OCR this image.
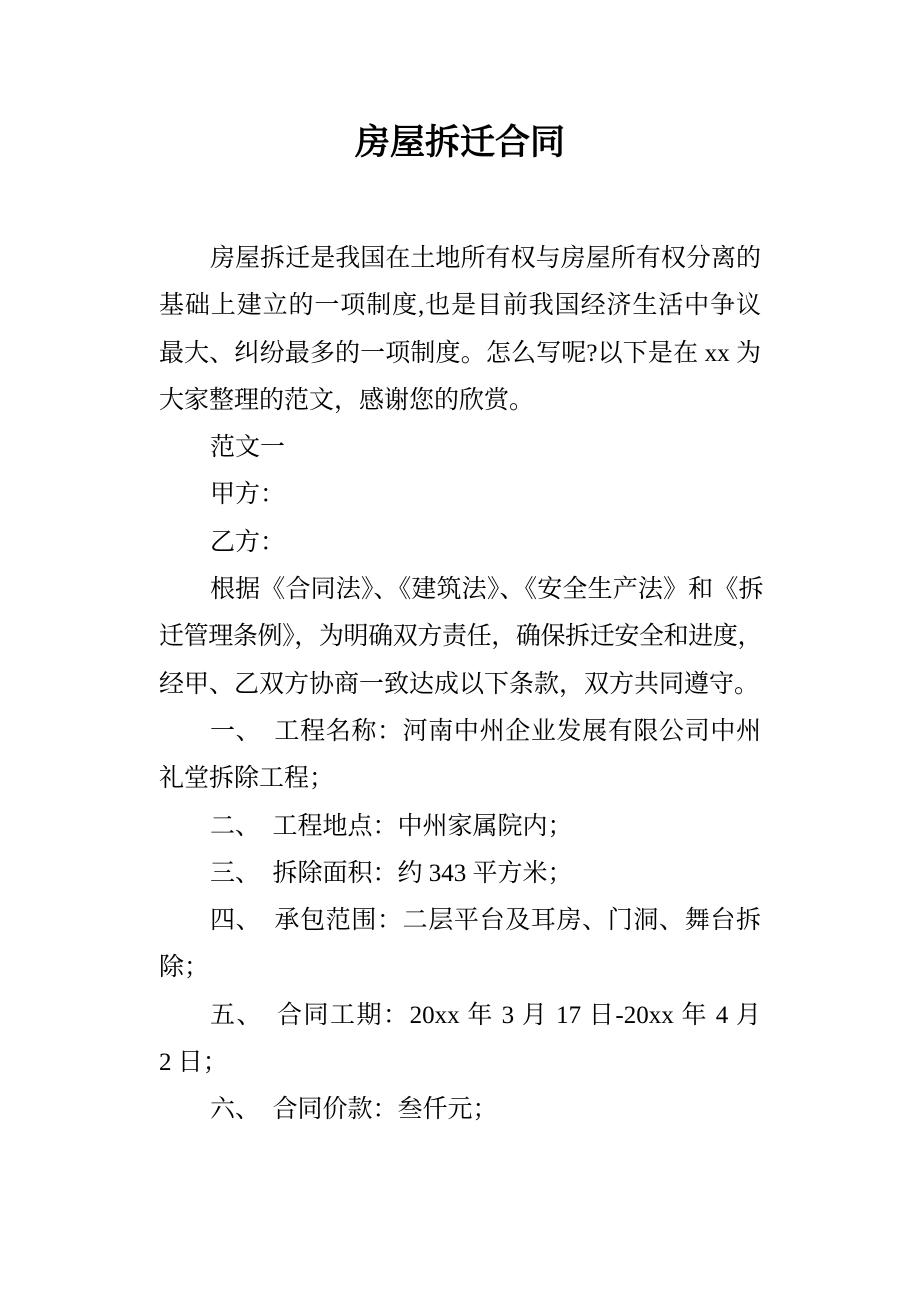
房屋拆迁合同
房屋拆迁是我国在土地所有权与房屋所有权分离的
基础上建立的一项制度,也是目前我国经济生活中争议
最大、纠纷最多的一项制度。怎么写呢?以下是在 xx 为
大家整理的范文，感谢您的欣赏。
范文一
甲方：
乙方：
根据《合同法》、《建筑法》、《安全生产法》和《拆
迁管理条例》，为明确双方责任，确保拆迁安全和进度，
经甲、乙双方协商一致达成以下条款，双方共同遵守。
一、　工程名称：河南中州企业发展有限公司中州
礼堂拆除工程；
二、 工程地点：中州家属院内；
三、 拆除面积：约 343 平方米；
四、　承包范围：二层平台及耳房、门洞、舞台拆
除；
五、 合同工期：20xx 年 3 月 17 日-20xx 年 4 月
2 日；
六、 合同价款：叁仟元；
